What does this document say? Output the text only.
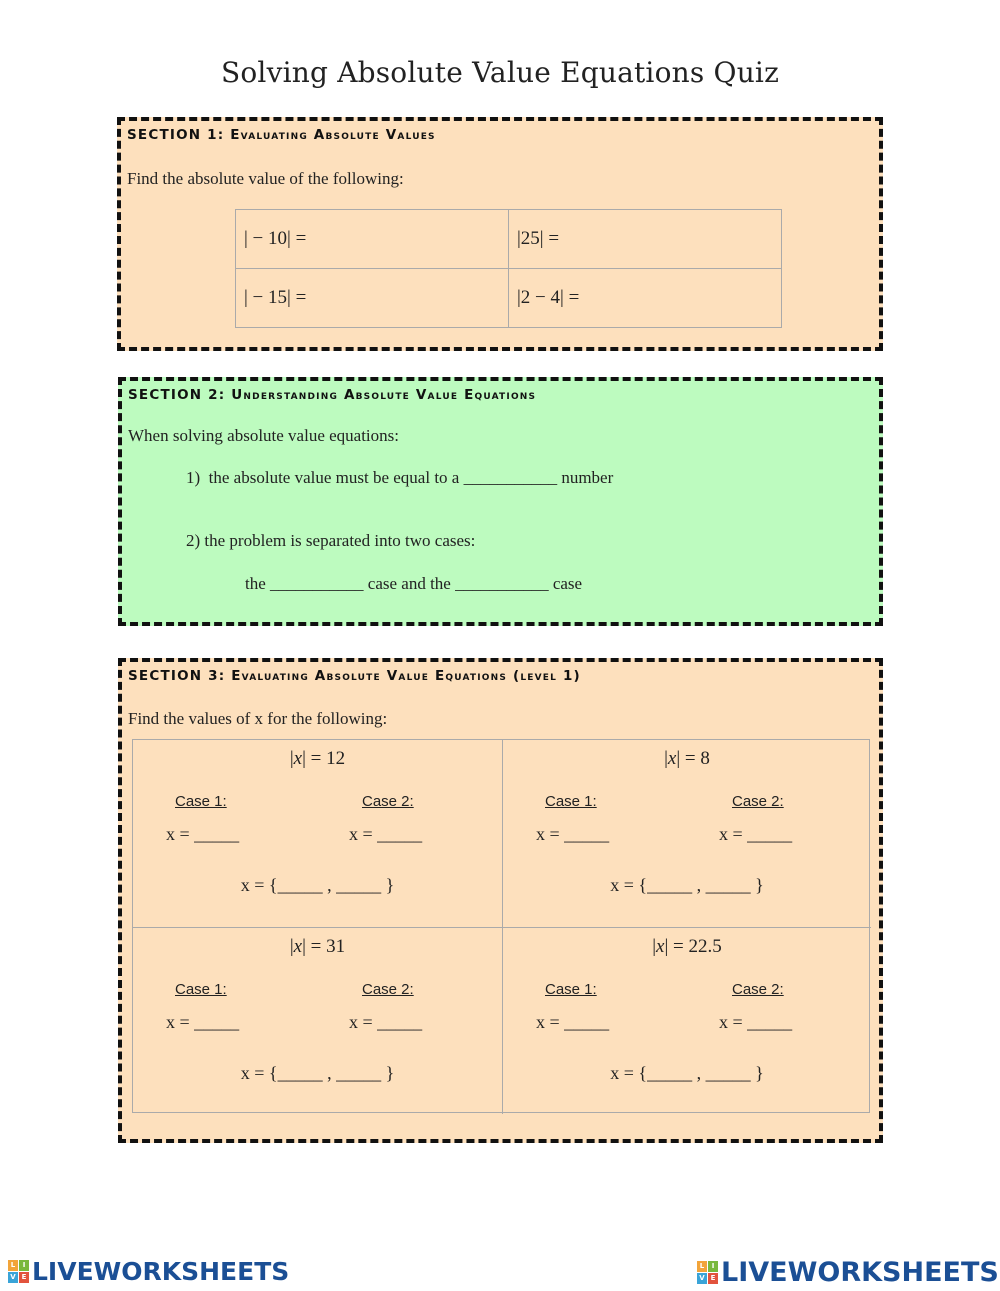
Solving Absolute Value Equations Quiz
SECTION 1: Evaluating Absolute Values
Find the absolute value of the following:
| − 10| =	|25| =
| − 15| =	|2 − 4| =
SECTION 2: Understanding Absolute Value Equations
When solving absolute value equations:
1)  the absolute value must be equal to a ___________ number
2) the problem is separated into two cases:
the ___________ case and the ___________ case
SECTION 3: Evaluating Absolute Value Equations (level 1)
Find the values of x for the following:
|x| = 12
Case 1:	Case 2:
x = _____	x = _____
x = {_____ , _____ }
|x| = 8
Case 1:	Case 2:
x = _____	x = _____
x = {_____ , _____ }
|x| = 31
Case 1:	Case 2:
x = _____	x = _____
x = {_____ , _____ }
|x| = 22.5
Case 1:	Case 2:
x = _____	x = _____
x = {_____ , _____ }
L	I
V E LIVEWORKSHEETS	L	I
V E LIVEWORKSHEETS
